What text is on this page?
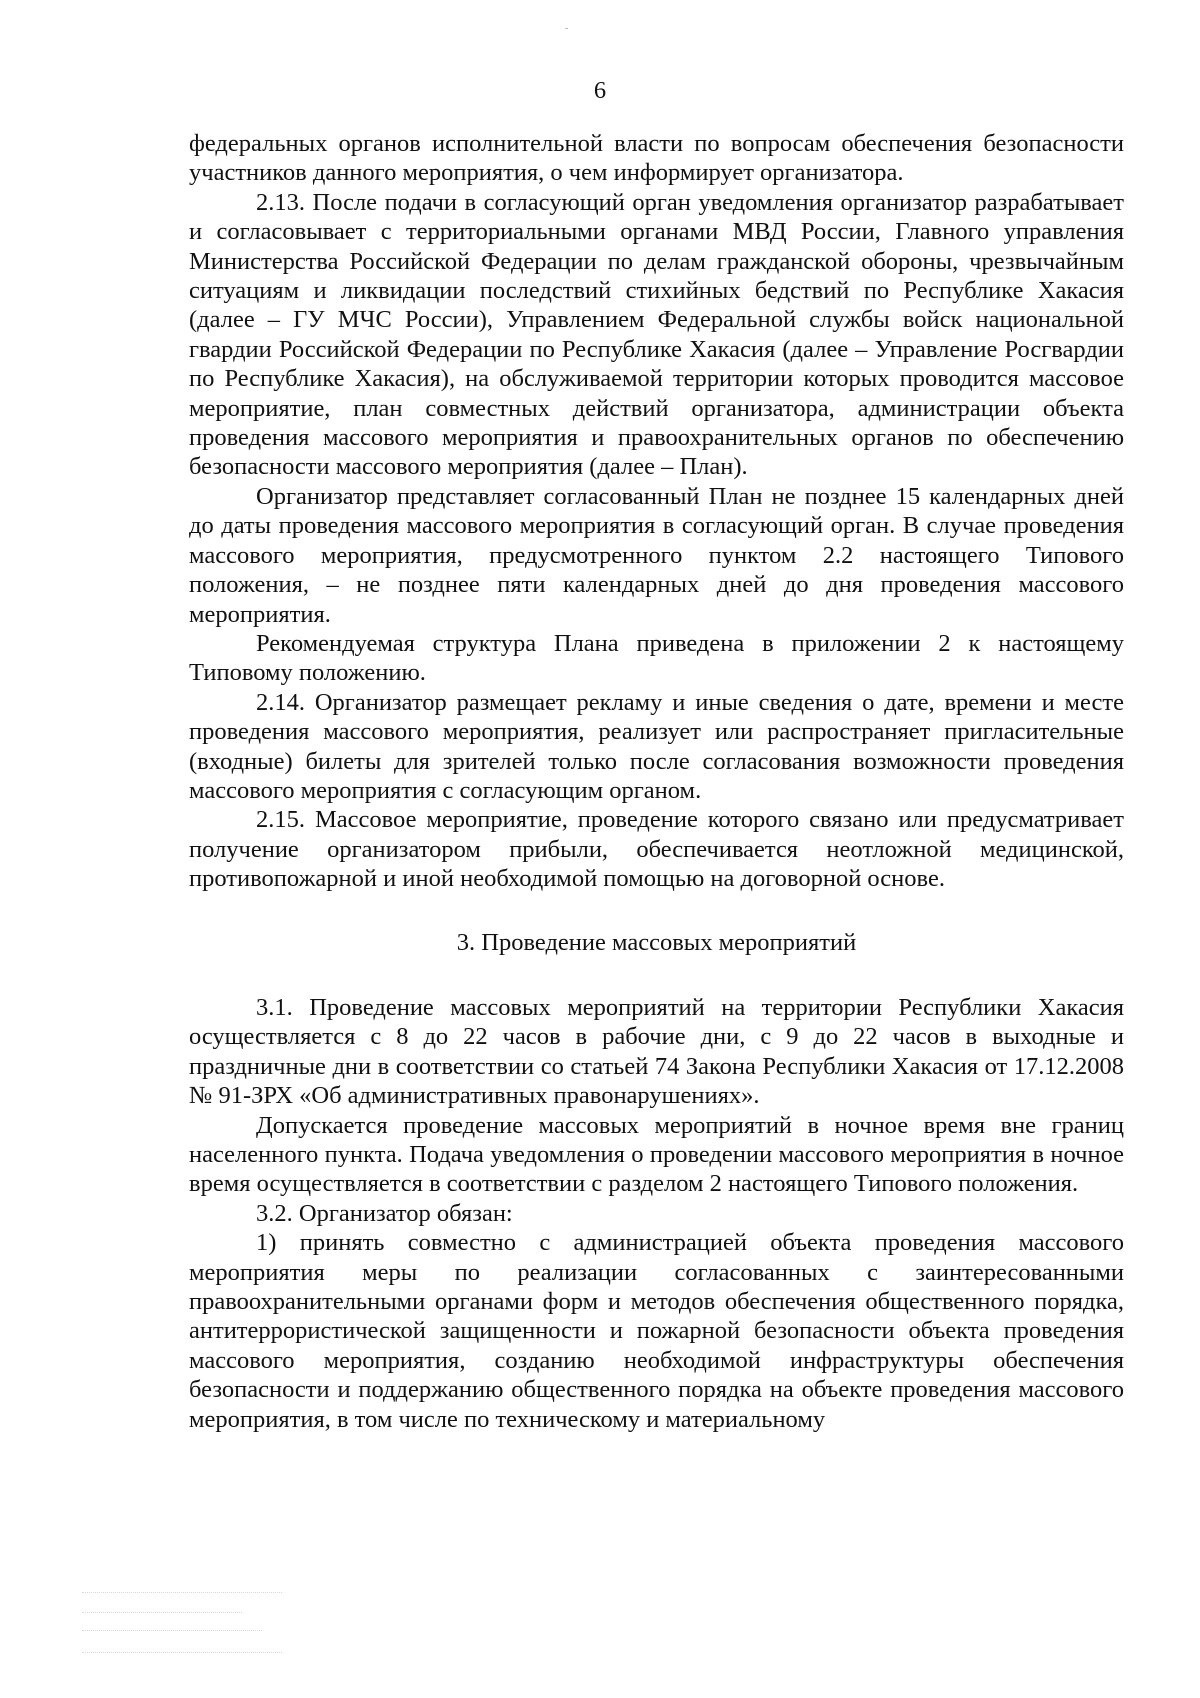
6

федеральных органов исполнительной власти по вопросам обеспечения безопасности участников данного мероприятия, о чем информирует организатора.

2.13. После подачи в согласующий орган уведомления организатор разрабатывает и согласовывает с территориальными органами МВД России, Главного управления Министерства Российской Федерации по делам гражданской обороны, чрезвычайным ситуациям и ликвидации последствий стихийных бедствий по Республике Хакасия (далее – ГУ МЧС России), Управлением Федеральной службы войск национальной гвардии Российской Федерации по Республике Хакасия (далее – Управление Росгвардии по Республике Хакасия), на обслуживаемой территории которых проводится массовое мероприятие, план совместных действий организатора, администрации объекта проведения массового мероприятия и правоохранительных органов по обеспечению безопасности массового мероприятия (далее – План).

Организатор представляет согласованный План не позднее 15 календарных дней до даты проведения массового мероприятия в согласующий орган. В случае проведения массового мероприятия, предусмотренного пунктом 2.2 настоящего Типового положения, – не позднее пяти календарных дней до дня проведения массового мероприятия.

Рекомендуемая структура Плана приведена в приложении 2 к настоящему Типовому положению.

2.14. Организатор размещает рекламу и иные сведения о дате, времени и месте проведения массового мероприятия, реализует или распространяет пригласительные (входные) билеты для зрителей только после согласования возможности проведения массового мероприятия с согласующим органом.

2.15. Массовое мероприятие, проведение которого связано или предусматривает получение организатором прибыли, обеспечивается неотложной медицинской, противопожарной и иной необходимой помощью на договорной основе.

3. Проведение массовых мероприятий

3.1. Проведение массовых мероприятий на территории Республики Хакасия осуществляется с 8 до 22 часов в рабочие дни, с 9 до 22 часов в выходные и праздничные дни в соответствии со статьей 74 Закона Республики Хакасия от 17.12.2008 № 91-ЗРХ «Об административных правонарушениях».

Допускается проведение массовых мероприятий в ночное время вне границ населенного пункта. Подача уведомления о проведении массового мероприятия в ночное время осуществляется в соответствии с разделом 2 настоящего Типового положения.

3.2. Организатор обязан:

1) принять совместно с администрацией объекта проведения массового мероприятия меры по реализации согласованных с заинтересованными правоохранительными органами форм и методов обеспечения общественного порядка, антитеррористической защищенности и пожарной безопасности объекта проведения массового мероприятия, созданию необходимой инфраструктуры обеспечения безопасности и поддержанию общественного порядка на объекте проведения массового мероприятия, в том числе по техническому и материальному
